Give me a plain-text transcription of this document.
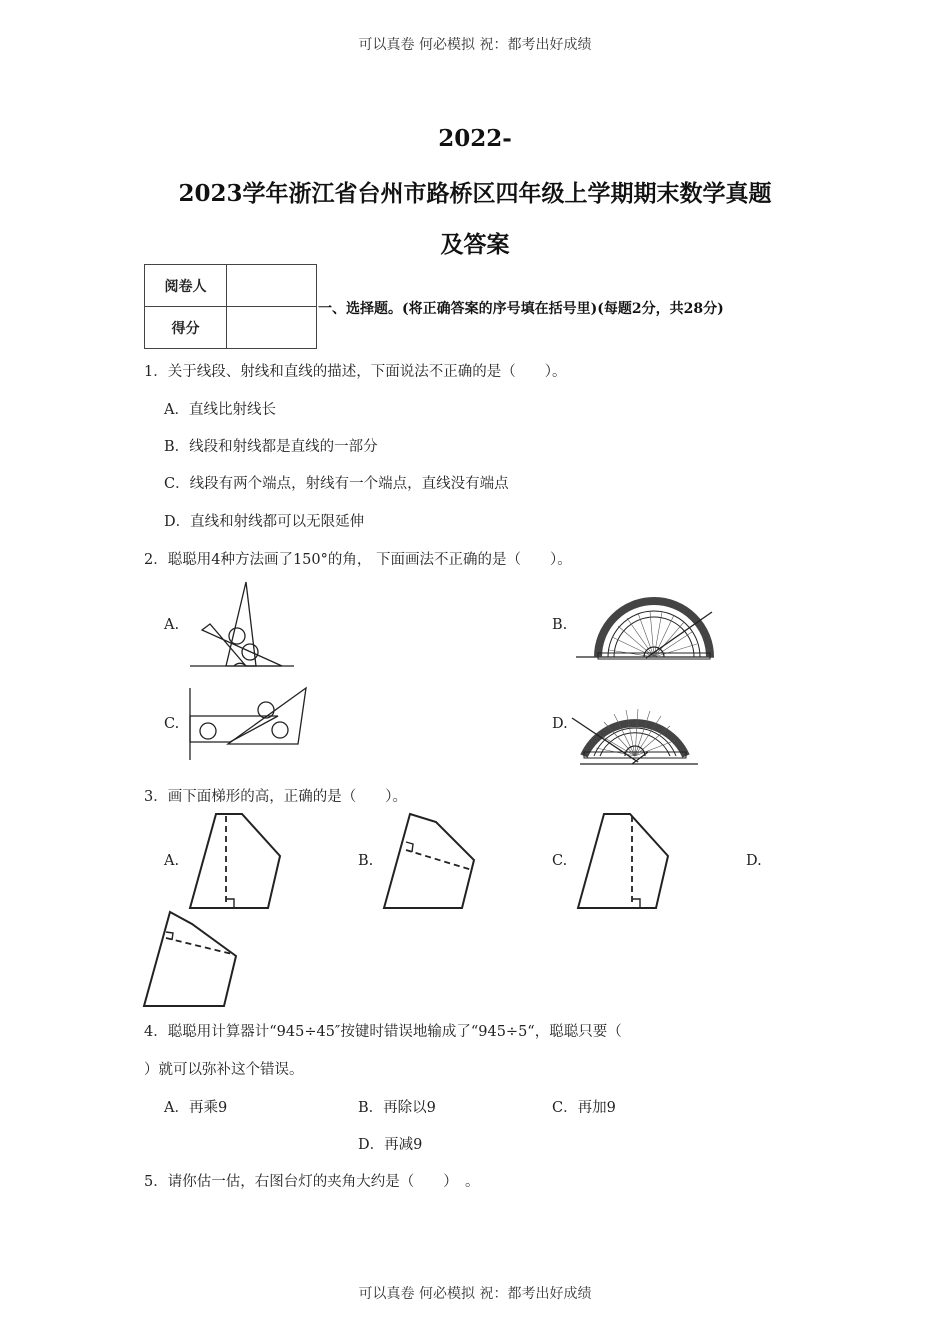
可以真卷 何必模拟 祝：都考出好成绩
2022-
2023学年浙江省台州市路桥区四年级上学期期末数学真题
及答案
阅卷人	
得分	
一、选择题。(将正确答案的序号填在括号里)(每题2分，共28分)
1．关于线段、射线和直线的描述，下面说法不正确的是（　　）。
A．直线比射线长
B．线段和射线都是直线的一部分
C．线段有两个端点，射线有一个端点，直线没有端点
D．直线和射线都可以无限延伸
2．聪聪用4种方法画了150°的角， 下面画法不正确的是（　　）。
A.	B.
C.	D.
3．画下面梯形的高，正确的是（　　）。
A.	B.	C.	D.
4．聪聪用计算器计“945÷45″按键时错误地输成了“945÷5“，聪聪只要（
）就可以弥补这个错误。
A．再乘9	B．再除以9	C．再加9
D．再减9
5．请你估一估，右图台灯的夹角大约是（　　）　。
可以真卷 何必模拟 祝：都考出好成绩
